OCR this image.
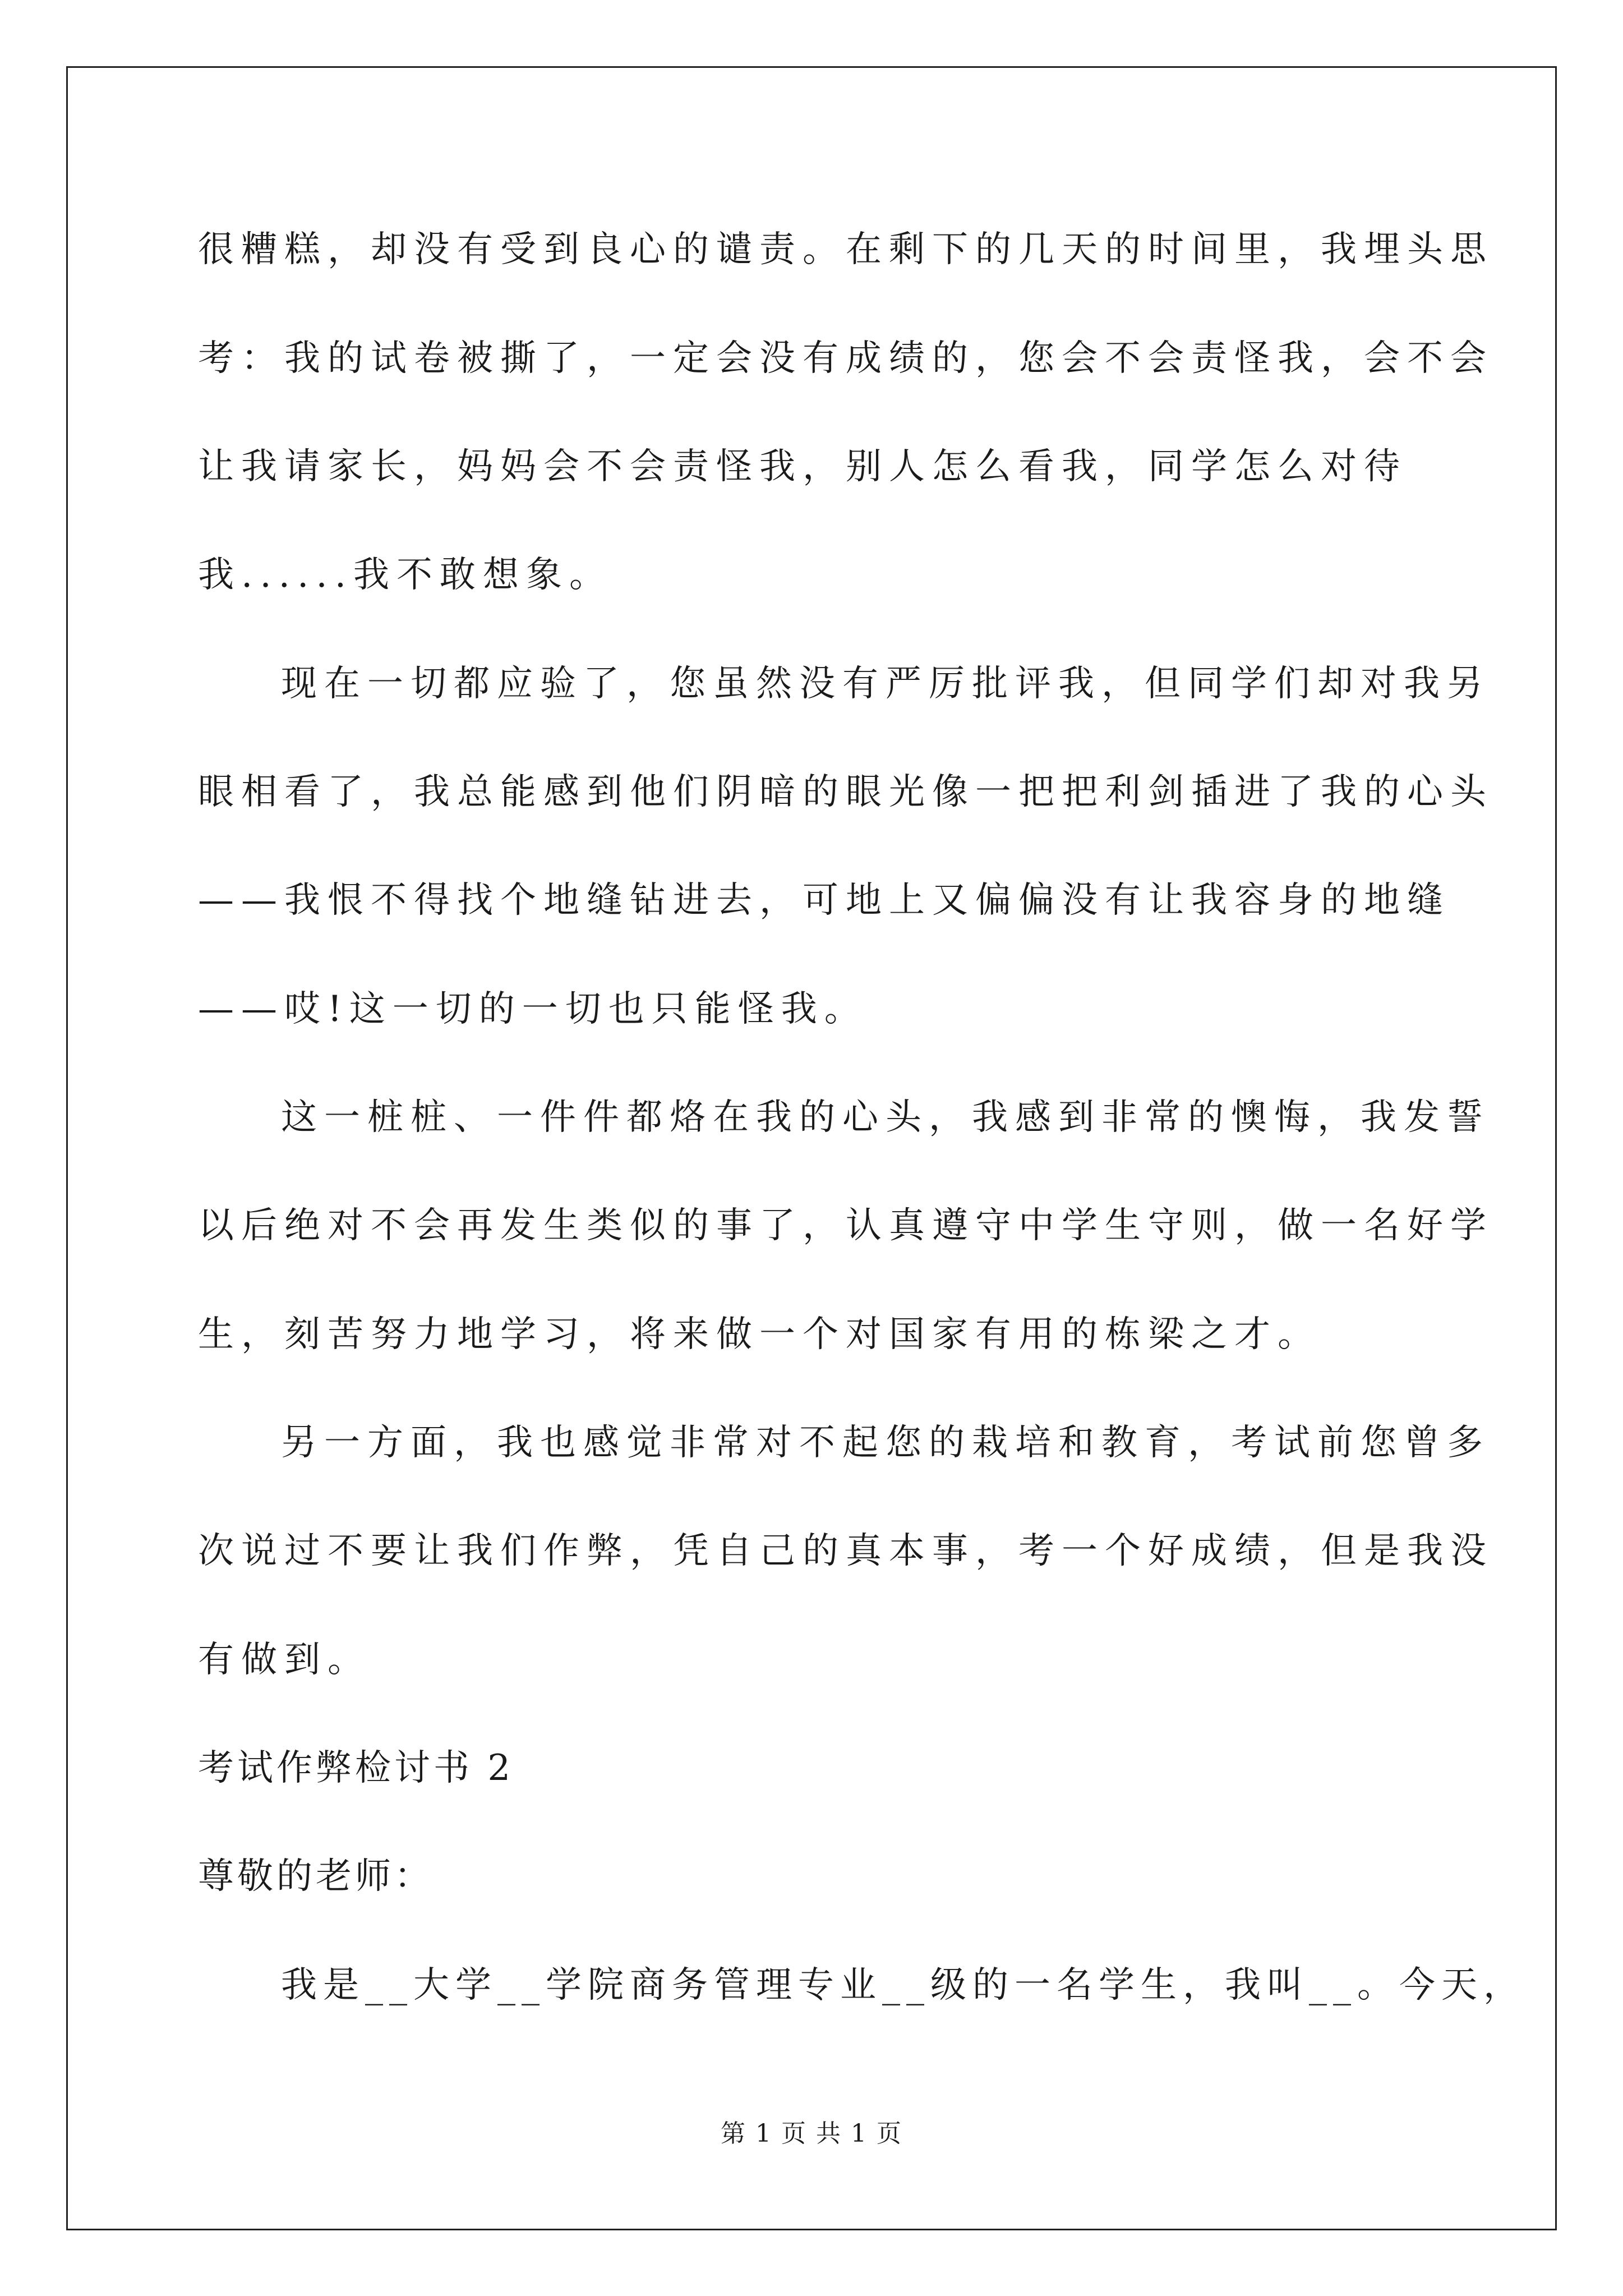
很糟糕，却没有受到良心的谴责。在剩下的几天的时间里，我埋头思
考：我的试卷被撕了，一定会没有成绩的，您会不会责怪我，会不会
让我请家长，妈妈会不会责怪我，别人怎么看我，同学怎么对待
我......我不敢想象。
现在一切都应验了，您虽然没有严厉批评我，但同学们却对我另
眼相看了，我总能感到他们阴暗的眼光像一把把利剑插进了我的心头
——我恨不得找个地缝钻进去，可地上又偏偏没有让我容身的地缝
——哎!这一切的一切也只能怪我。
这一桩桩、一件件都烙在我的心头，我感到非常的懊悔，我发誓
以后绝对不会再发生类似的事了，认真遵守中学生守则，做一名好学
生，刻苦努力地学习，将来做一个对国家有用的栋梁之才。
另一方面，我也感觉非常对不起您的栽培和教育，考试前您曾多
次说过不要让我们作弊，凭自己的真本事，考一个好成绩，但是我没
有做到。
考试作弊检讨书 2
尊敬的老师：
我是__大学__学院商务管理专业__级的一名学生，我叫__。今天，
第 1 页 共 1 页
